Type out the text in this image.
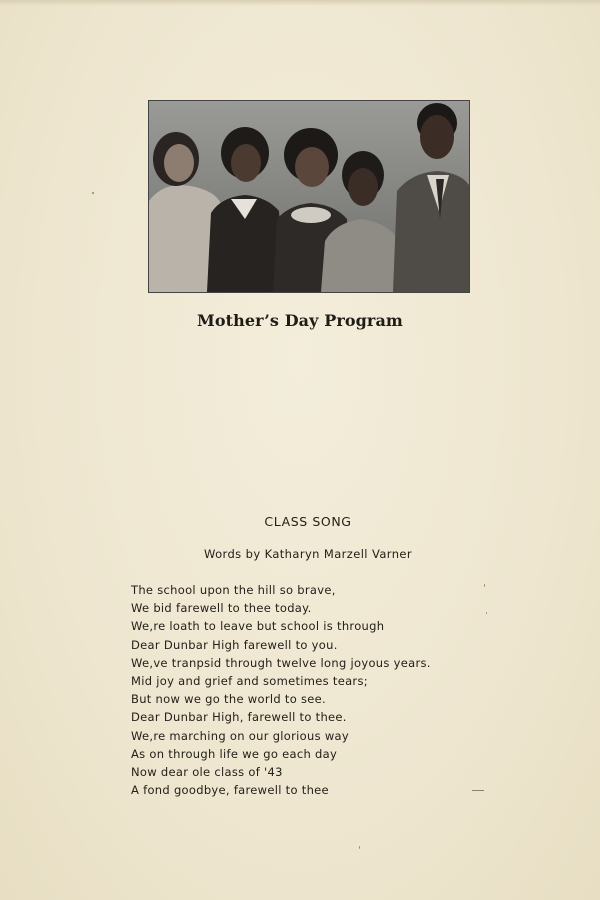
Mother’s Day Program
CLASS SONG
Words by Katharyn Marzell Varner
The school upon the hill so brave,
We bid farewell to thee today.
We,re loath to leave but school is through
Dear Dunbar High farewell to you.
We,ve tranpsid through twelve long joyous years.
Mid joy and grief and sometimes tears;
But now we go the world to see.
Dear Dunbar High, farewell to thee.
We,re marching on our glorious way
As on through life we go each day
Now dear ole class of '43
A fond goodbye, farewell to thee
